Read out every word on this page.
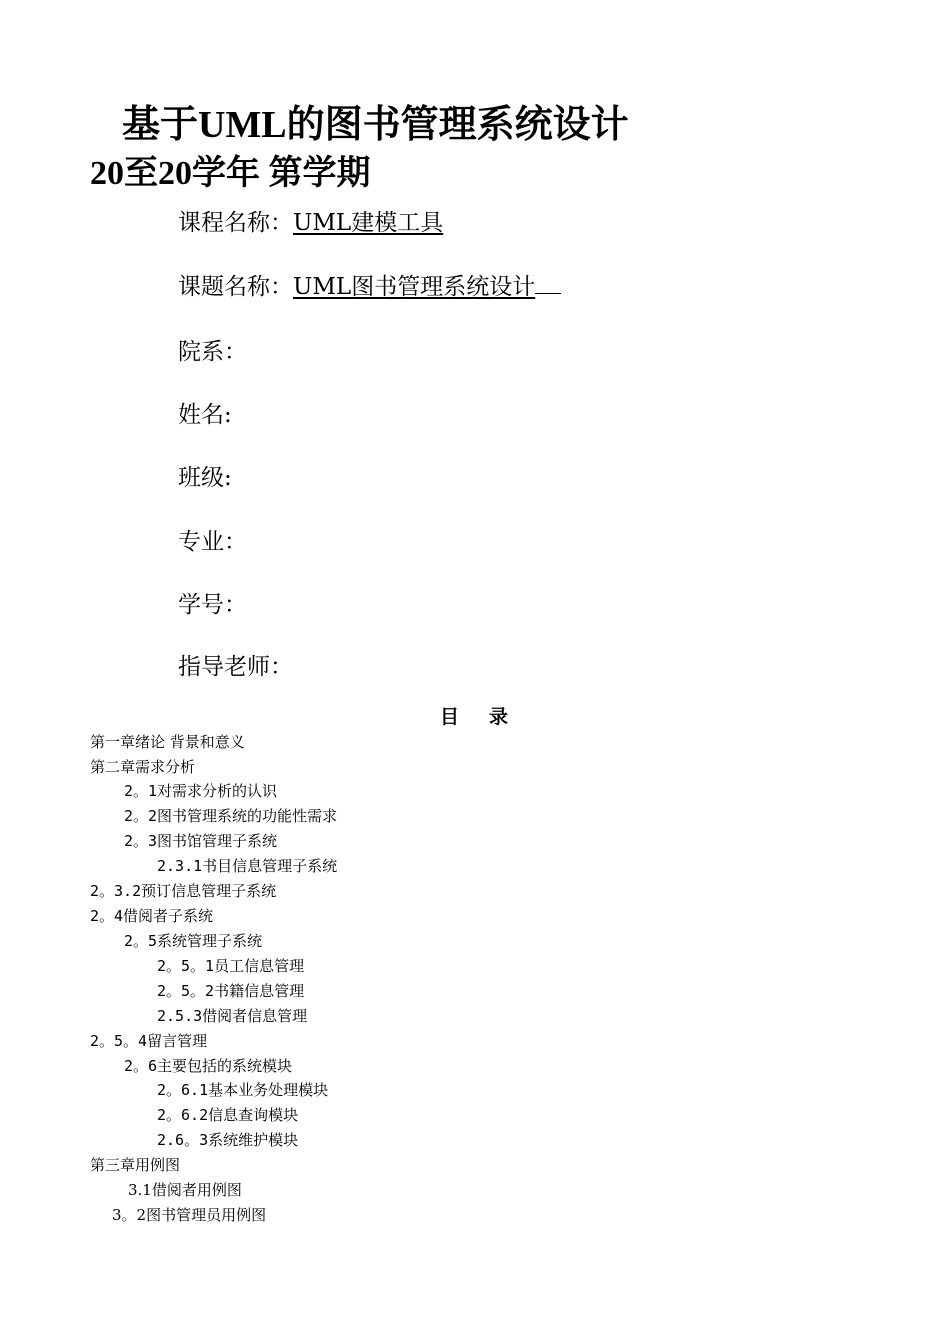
基于UML的图书管理系统设计
20至20学年 第学期
课程名称：UML建模工具
课题名称：UML图书管理系统设计
院系：
姓名:
班级:
专业：
学号：
指导老师：
目录
第一章绪论 背景和意义
第二章需求分析
2。1对需求分析的认识
2。2图书管理系统的功能性需求
2。3图书馆管理子系统
2.3.1书目信息管理子系统
2。3.2预订信息管理子系统
2。4借阅者子系统
2。5系统管理子系统
2。5。1员工信息管理
2。5。2书籍信息管理
2.5.3借阅者信息管理
2。5。4留言管理
2。6主要包括的系统模块
2。6.1基本业务处理模块
2。6.2信息查询模块
2.6。3系统维护模块
第三章用例图
3.1借阅者用例图
3。2图书管理员用例图
